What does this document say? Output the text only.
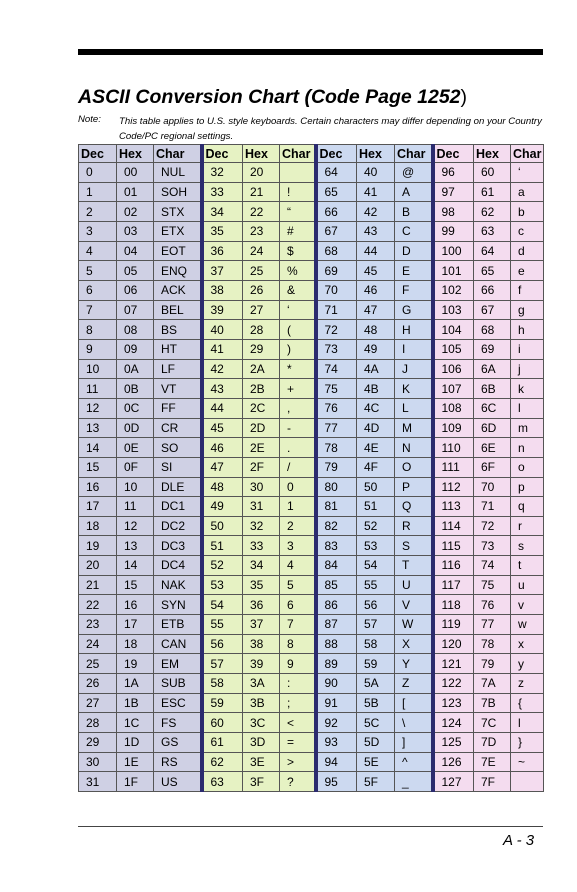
ASCII Conversion Chart (Code Page 1252)
Note: This table applies to U.S. style keyboards. Certain characters may differ depending on your Country Code/PC regional settings.
Dec	Hex	Char	Dec	Hex	Char	Dec	Hex	Char	Dec	Hex	Char
0	00	NUL	32	20		64	40	@	96	60	‘
1	01	SOH	33	21	!	65	41	A	97	61	a
2	02	STX	34	22	“	66	42	B	98	62	b
3	03	ETX	35	23	#	67	43	C	99	63	c
4	04	EOT	36	24	$	68	44	D	100	64	d
5	05	ENQ	37	25	%	69	45	E	101	65	e
6	06	ACK	38	26	&	70	46	F	102	66	f
7	07	BEL	39	27	‘	71	47	G	103	67	g
8	08	BS	40	28	(	72	48	H	104	68	h
9	09	HT	41	29	)	73	49	I	105	69	i
10	0A	LF	42	2A	*	74	4A	J	106	6A	j
11	0B	VT	43	2B	+	75	4B	K	107	6B	k
12	0C	FF	44	2C	,	76	4C	L	108	6C	l
13	0D	CR	45	2D	-	77	4D	M	109	6D	m
14	0E	SO	46	2E	.	78	4E	N	110	6E	n
15	0F	SI	47	2F	/	79	4F	O	111	6F	o
16	10	DLE	48	30	0	80	50	P	112	70	p
17	11	DC1	49	31	1	81	51	Q	113	71	q
18	12	DC2	50	32	2	82	52	R	114	72	r
19	13	DC3	51	33	3	83	53	S	115	73	s
20	14	DC4	52	34	4	84	54	T	116	74	t
21	15	NAK	53	35	5	85	55	U	117	75	u
22	16	SYN	54	36	6	86	56	V	118	76	v
23	17	ETB	55	37	7	87	57	W	119	77	w
24	18	CAN	56	38	8	88	58	X	120	78	x
25	19	EM	57	39	9	89	59	Y	121	79	y
26	1A	SUB	58	3A	:	90	5A	Z	122	7A	z
27	1B	ESC	59	3B	;	91	5B	[	123	7B	{
28	1C	FS	60	3C	<	92	5C	\	124	7C	l
29	1D	GS	61	3D	=	93	5D	]	125	7D	}
30	1E	RS	62	3E	>	94	5E	^	126	7E	~
31	1F	US	63	3F	?	95	5F	_	127	7F	
A - 3
